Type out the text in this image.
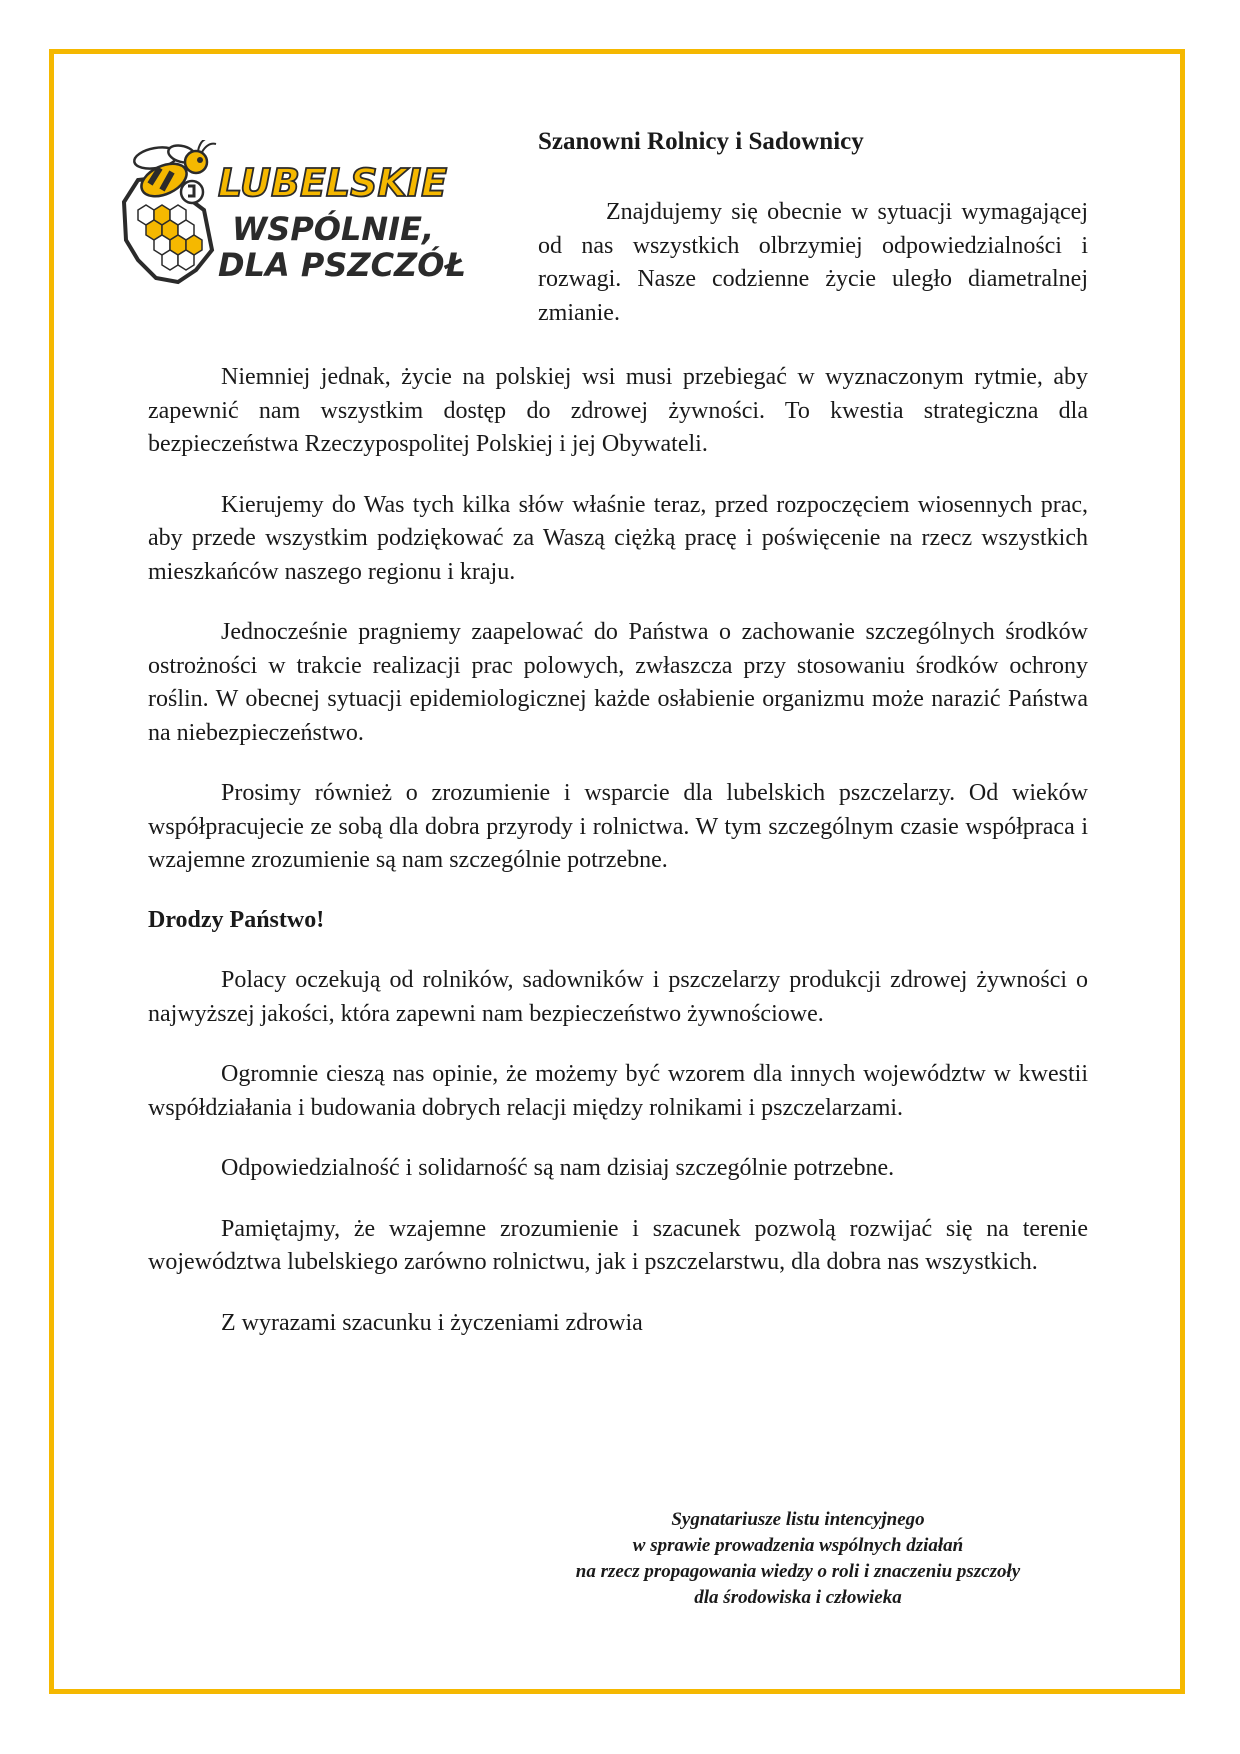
LUBELSKIE
WSPÓLNIE,
DLA PSZCZÓŁ
Szanowni Rolnicy i Sadownicy

Znajdujemy się obecnie w sytuacji wymagającej od nas wszystkich olbrzymiej odpowiedzialności i rozwagi. Nasze codzienne życie uległo diametralnej zmianie.

Niemniej jednak, życie na polskiej wsi musi przebiegać w wyznaczonym rytmie, aby zapewnić nam wszystkim dostęp do zdrowej żywności. To kwestia strategiczna dla bezpieczeństwa Rzeczypospolitej Polskiej i jej Obywateli.

Kierujemy do Was tych kilka słów właśnie teraz, przed rozpoczęciem wiosennych prac, aby przede wszystkim podziękować za Waszą ciężką pracę i poświęcenie na rzecz wszystkich mieszkańców naszego regionu i kraju.

Jednocześnie pragniemy zaapelować do Państwa o zachowanie szczególnych środków ostrożności w trakcie realizacji prac polowych, zwłaszcza przy stosowaniu środków ochrony roślin. W obecnej sytuacji epidemiologicznej każde osłabienie organizmu może narazić Państwa na niebezpieczeństwo.

Prosimy również o zrozumienie i wsparcie dla lubelskich pszczelarzy. Od wieków współpracujecie ze sobą dla dobra przyrody i rolnictwa. W tym szczególnym czasie współpraca i wzajemne zrozumienie są nam szczególnie potrzebne.

Drodzy Państwo!

Polacy oczekują od rolników, sadowników i pszczelarzy produkcji zdrowej żywności o najwyższej jakości, która zapewni nam bezpieczeństwo żywnościowe.

Ogromnie cieszą nas opinie, że możemy być wzorem dla innych województw w kwestii współdziałania i budowania dobrych relacji między rolnikami i pszczelarzami.

Odpowiedzialność i solidarność są nam dzisiaj szczególnie potrzebne.

Pamiętajmy, że wzajemne zrozumienie i szacunek pozwolą rozwijać się na terenie województwa lubelskiego zarówno rolnictwu, jak i pszczelarstwu, dla dobra nas wszystkich.

Z wyrazami szacunku i życzeniami zdrowia

Sygnatariusze listu intencyjnego
w sprawie prowadzenia wspólnych działań
na rzecz propagowania wiedzy o roli i znaczeniu pszczoły
dla środowiska i człowieka
